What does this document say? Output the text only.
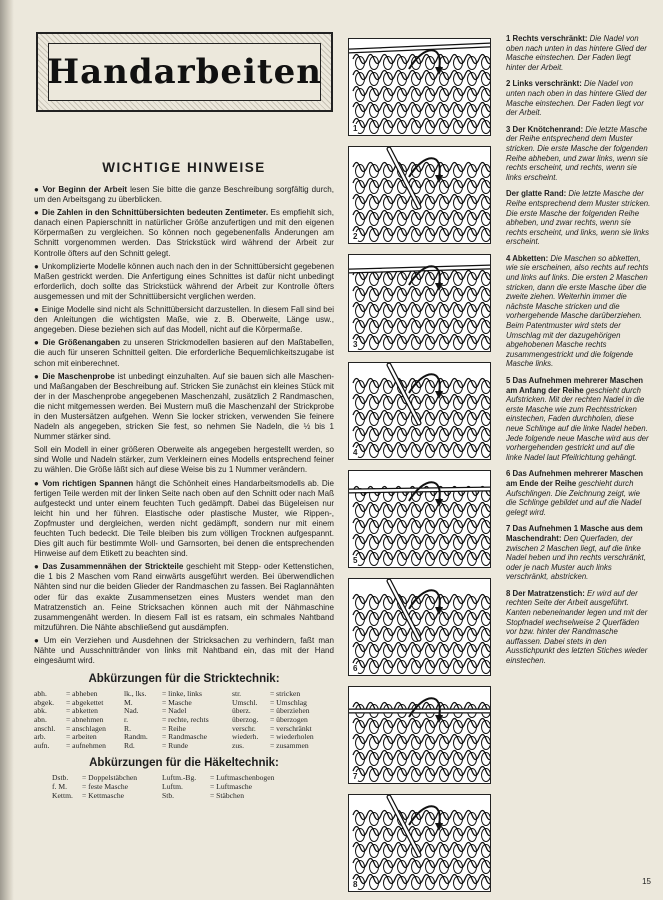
Handarbeiten
WICHTIGE HINWEISE

● Vor Beginn der Arbeit lesen Sie bitte die ganze Beschreibung sorgfältig durch, um den Arbeitsgang zu überblicken.

● Die Zahlen in den Schnittübersichten bedeuten Zentimeter. Es empfiehlt sich, danach einen Papierschnitt in natürlicher Größe anzufertigen und mit den eigenen Körpermaßen zu vergleichen. So können noch gegebenenfalls Änderungen am Schnitt vorgenommen werden. Das Strickstück wird während der Arbeit zur Kontrolle öfters auf den Schnitt gelegt.

● Unkomplizierte Modelle können auch nach den in der Schnittübersicht gegebenen Maßen gestrickt werden. Die Anfertigung eines Schnittes ist dafür nicht unbedingt erforderlich, doch sollte das Strickstück während der Arbeit zur Kontrolle öfters ausgemessen und mit der Schnittübersicht verglichen werden.

● Einige Modelle sind nicht als Schnittübersicht darzustellen. In diesem Fall sind bei den Anleitungen die wichtigsten Maße, wie z. B. Oberweite, Länge usw., angegeben. Diese beziehen sich auf das Modell, nicht auf die Körpermaße.

● Die Größenangaben zu unseren Strickmodellen basieren auf den Maßtabellen, die auch für unseren Schnitteil gelten. Die erforderliche Bequemlichkeitszugabe ist schon mit einberechnet.

● Die Maschenprobe ist unbedingt einzuhalten. Auf sie bauen sich alle Maschen- und Maßangaben der Beschreibung auf. Stricken Sie zunächst ein kleines Stück mit der in der Maschenprobe angegebenen Maschenzahl, zusätzlich 2 Randmaschen, die nicht mitgemessen werden. Bei Mustern muß die Maschenzahl der Strickprobe in den Mustersätzen aufgehen. Wenn Sie locker stricken, verwenden Sie feinere Nadeln als angegeben, stricken Sie fest, so nehmen Sie Nadeln, die ½ bis 1 Nummer stärker sind.

Soll ein Modell in einer größeren Oberweite als angegeben hergestellt werden, so sind Wolle und Nadeln stärker, zum Verkleinern eines Modells entsprechend feiner zu wählen. Die Größe läßt sich auf diese Weise bis zu 1 Nummer verändern.

● Vom richtigen Spannen hängt die Schönheit eines Handarbeitsmodells ab. Die fertigen Teile werden mit der linken Seite nach oben auf den Schnitt oder nach Maß aufgesteckt und unter einem feuchten Tuch gedämpft. Dabei das Bügeleisen nur leicht hin und her führen. Elastische oder plastische Muster, wie Rippen-, Zopfmuster und dergleichen, werden nicht gedämpft, sondern nur mit einem feuchten Tuch bedeckt. Die Teile bleiben bis zum völligen Trocknen aufgespannt. Dies gilt auch für bestimmte Woll- und Garnsorten, bei denen die entsprechenden Hinweise auf dem Etikett zu beachten sind.

● Das Zusammennähen der Strickteile geschieht mit Stepp- oder Kettenstichen, die 1 bis 2 Maschen vom Rand einwärts ausgeführt werden. Bei überwendlichen Nähten sind nur die beiden Glieder der Randmaschen zu fassen. Bei Raglannähten oder für das exakte Zusammensetzen eines Musters wendet man den Matratzenstich an. Feine Stricksachen können auch mit der Nähmaschine zusammengenäht werden. In diesem Fall ist es ratsam, ein schmales Nahtband mitzuführen. Die Nähte abschließend gut ausdämpfen.

● Um ein Verziehen und Ausdehnen der Stricksachen zu verhindern, faßt man Nähte und Ausschnittränder von links mit Nahtband ein, das mit der Hand eingesäumt wird.

Abkürzungen für die Stricktechnik:
abh.	= abheben
abgek.	= abgekettet
abk.	= abketten
abn.	= abnehmen
anschl.	= anschlagen
arb.	= arbeiten
aufn.	= aufnehmen
lk., lks.	= linke, links
M.	= Masche
Nad.	= Nadel
r.	= rechte, rechts
R.	= Reihe
Randm.	= Randmasche
Rd.	= Runde
str.	= stricken
Umschl.	= Umschlag
überz.	= überziehen
überzog.	= überzogen
verschr.	= verschränkt
wiederh.	= wiederholen
zus.	= zusammen
Abkürzungen für die Häkeltechnik:
Dstb.	= Doppelstäbchen
f. M.	= feste Masche
Kettm.	= Kettmasche
Luftm.-Bg.	= Luftmaschenbogen
Luftm.	= Luftmasche
Stb.	= Stäbchen
1
2
3
4
5
6
7
8

1 Rechts verschränkt: Die Nadel von oben nach unten in das hintere Glied der Masche einstechen. Der Faden liegt hinter der Arbeit.

2 Links verschränkt: Die Nadel von unten nach oben in das hintere Glied der Masche einstechen. Der Faden liegt vor der Arbeit.

3 Der Knötchenrand: Die letzte Masche der Reihe entsprechend dem Muster stricken. Die erste Masche der folgenden Reihe abheben, und zwar links, wenn sie rechts erscheint, und rechts, wenn sie links erscheint.

Der glatte Rand: Die letzte Masche der Reihe entsprechend dem Muster stricken. Die erste Masche der folgenden Reihe abheben, und zwar rechts, wenn sie rechts erscheint, und links, wenn sie links erscheint.

4 Abketten: Die Maschen so abketten, wie sie erscheinen, also rechts auf rechts und links auf links. Die ersten 2 Maschen stricken, dann die erste Masche über die zweite ziehen. Weiterhin immer die nächste Masche stricken und die vorhergehende Masche darüberziehen. Beim Patentmuster wird stets der Umschlag mit der dazugehörigen abgehobenen Masche rechts zusammengestrickt und die folgende Masche links.

5 Das Aufnehmen mehrerer Maschen am Anfang der Reihe geschieht durch Aufstricken. Mit der rechten Nadel in die erste Masche wie zum Rechtsstricken einstechen, Faden durchholen, diese neue Schlinge auf die linke Nadel heben. Jede folgende neue Masche wird aus der vorhergehenden gestrickt und auf die linke Nadel laut Pfeilrichtung gehängt.

6 Das Aufnehmen mehrerer Maschen am Ende der Reihe geschieht durch Aufschlingen. Die Zeichnung zeigt, wie die Schlinge gebildet und auf die Nadel gelegt wird.

7 Das Aufnehmen 1 Masche aus dem Maschendraht: Den Querfaden, der zwischen 2 Maschen liegt, auf die linke Nadel heben und ihn rechts verschränkt, oder je nach Muster auch links verschränkt, abstricken.

8 Der Matratzenstich: Er wird auf der rechten Seite der Arbeit ausgeführt. Kanten nebeneinander legen und mit der Stopfnadel wechselweise 2 Querfäden vor bzw. hinter der Randmasche auffassen. Dabei stets in den Ausstichpunkt des letzten Stiches wieder einstechen.

15
